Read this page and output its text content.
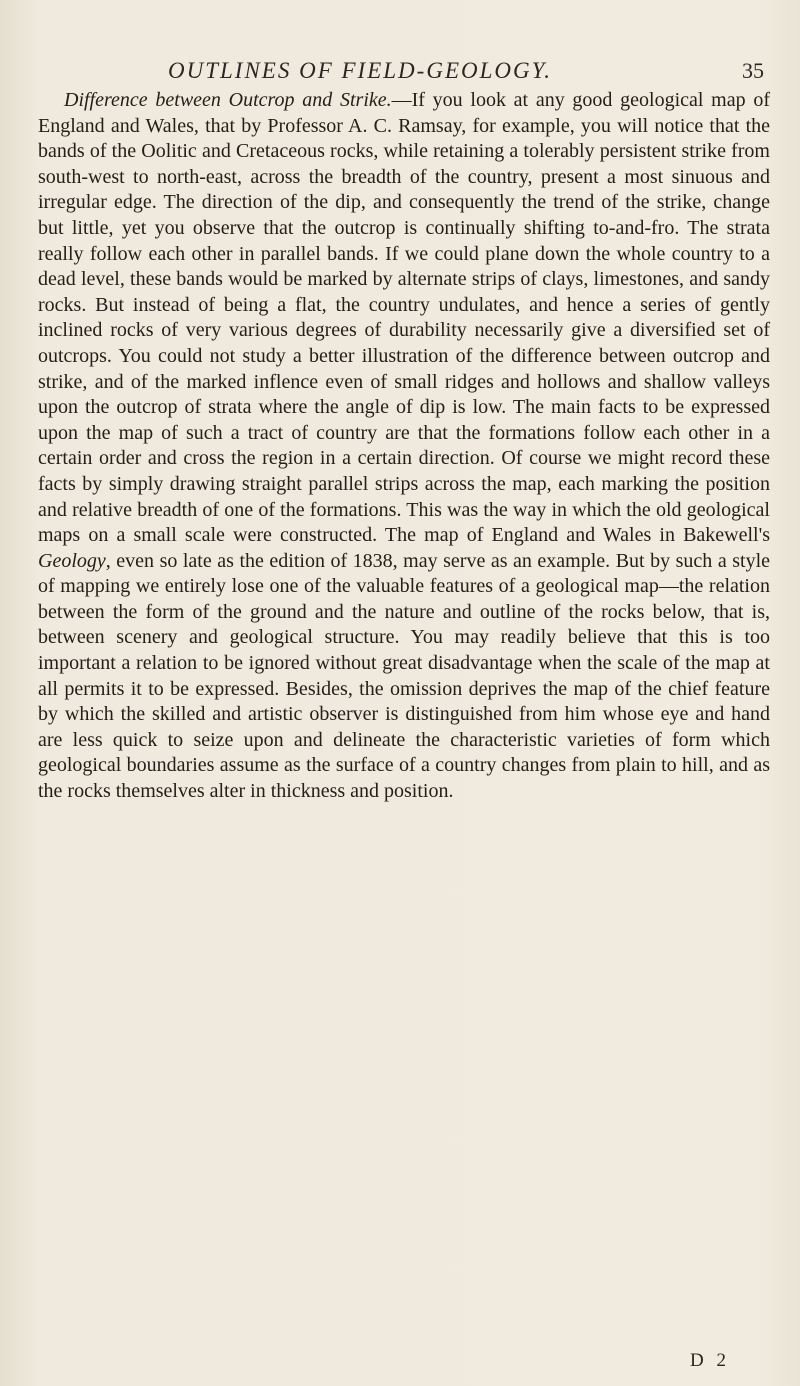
OUTLINES OF FIELD-GEOLOGY.	35

Difference between Outcrop and Strike.—If you look at any good geological map of England and Wales, that by Professor A. C. Ramsay, for example, you will notice that the bands of the Oolitic and Cretaceous rocks, while retaining a tolerably persistent strike from south-west to north-east, across the breadth of the country, present a most sinuous and irregular edge. The direction of the dip, and consequently the trend of the strike, change but little, yet you observe that the outcrop is continually shifting to-and-fro. The strata really follow each other in parallel bands. If we could plane down the whole country to a dead level, these bands would be marked by alternate strips of clays, limestones, and sandy rocks. But instead of being a flat, the country undulates, and hence a series of gently inclined rocks of very various degrees of durability necessarily give a diversified set of outcrops. You could not study a better illustration of the difference between outcrop and strike, and of the marked inflence even of small ridges and hollows and shallow valleys upon the outcrop of strata where the angle of dip is low. The main facts to be expressed upon the map of such a tract of country are that the formations follow each other in a certain order and cross the region in a certain direction. Of course we might record these facts by simply drawing straight parallel strips across the map, each marking the position and relative breadth of one of the formations. This was the way in which the old geological maps on a small scale were constructed. The map of England and Wales in Bakewell's Geology, even so late as the edition of 1838, may serve as an example. But by such a style of mapping we entirely lose one of the valuable features of a geological map—the relation between the form of the ground and the nature and outline of the rocks below, that is, between scenery and geological structure. You may readily believe that this is too important a relation to be ignored without great disadvantage when the scale of the map at all permits it to be expressed. Besides, the omission deprives the map of the chief feature by which the skilled and artistic observer is distinguished from him whose eye and hand are less quick to seize upon and delineate the characteristic varieties of form which geological boundaries assume as the surface of a country changes from plain to hill, and as the rocks themselves alter in thickness and position.

D 2
